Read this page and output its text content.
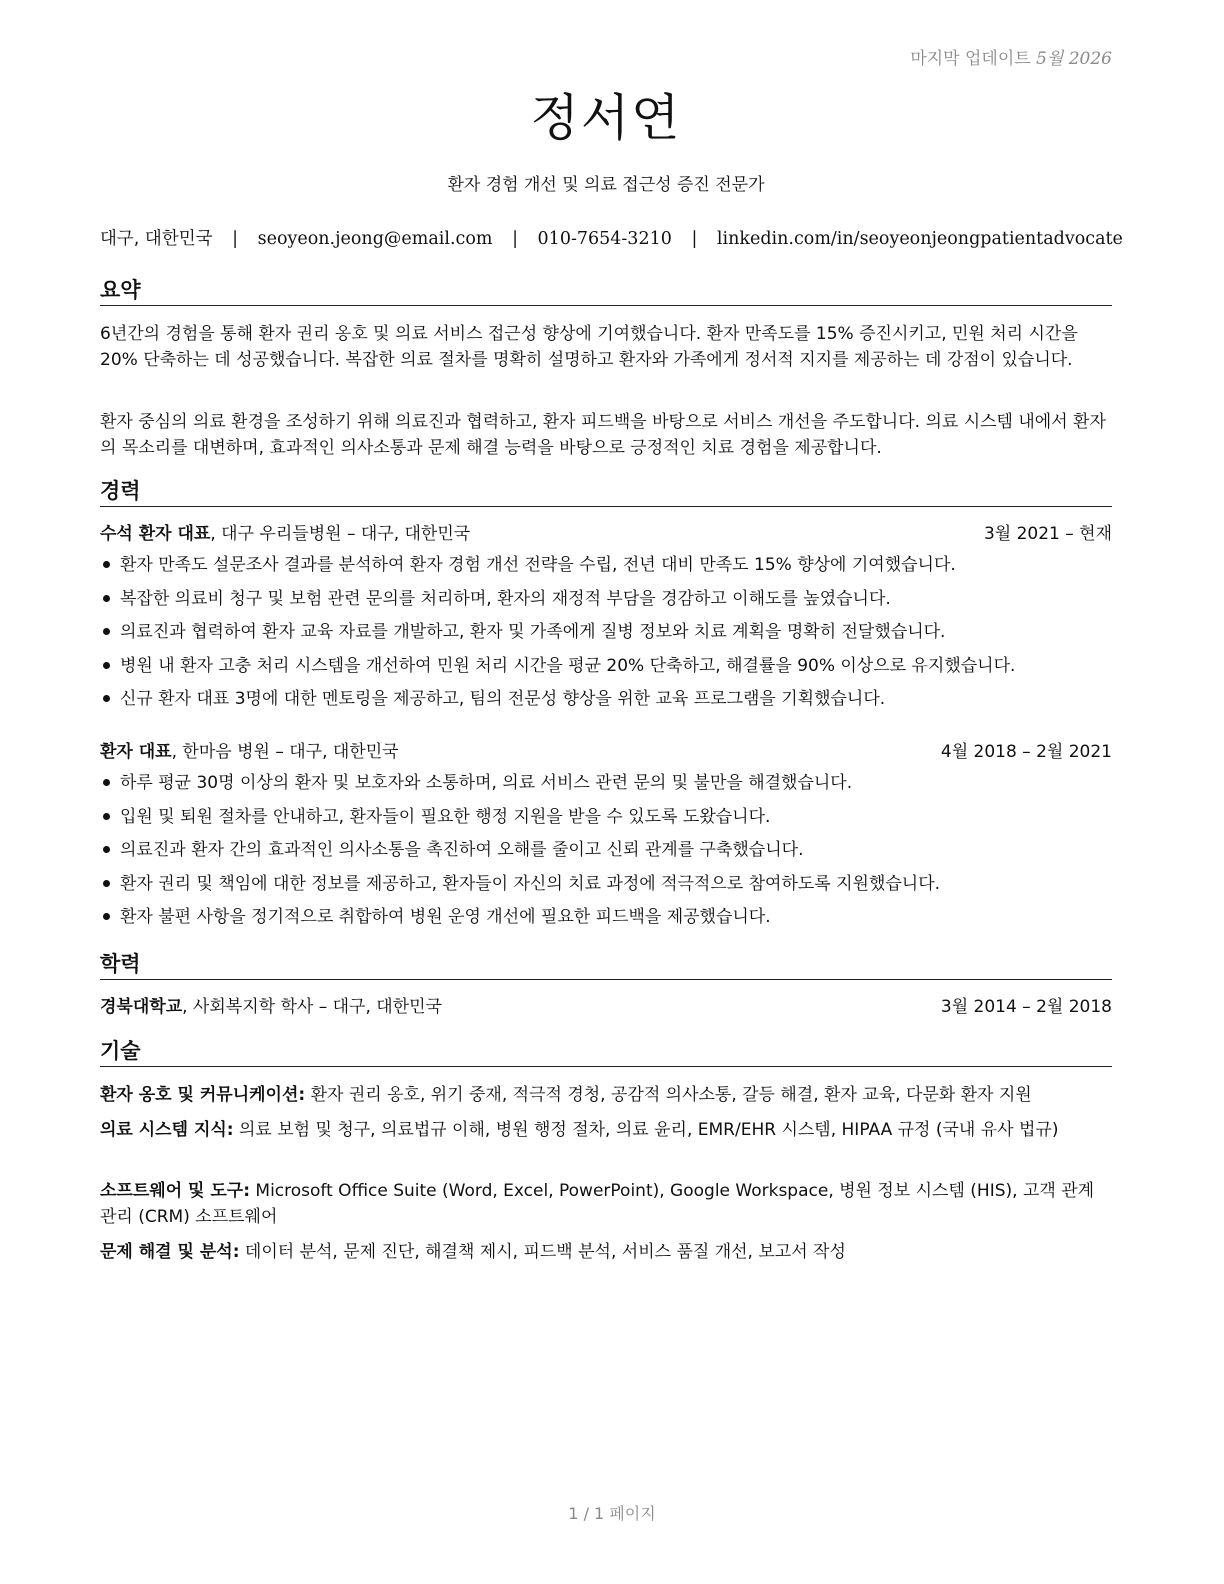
마지막 업데이트 5월 2026
정서연
환자 경험 개선 및 의료 접근성 증진 전문가
대구, 대한민국 | seoyeon.jeong@email.com | 010-7654-3210 | linkedin.com/in/seoyeonjeongpatientadvocate
요약
6년간의 경험을 통해 환자 권리 옹호 및 의료 서비스 접근성 향상에 기여했습니다. 환자 만족도를 15% 증진시키고, 민원 처리 시간을 20% 단축하는 데 성공했습니다. 복잡한 의료 절차를 명확히 설명하고 환자와 가족에게 정서적 지지를 제공하는 데 강점이 있습니다.
환자 중심의 의료 환경을 조성하기 위해 의료진과 협력하고, 환자 피드백을 바탕으로 서비스 개선을 주도합니다. 의료 시스템 내에서 환자의 목소리를 대변하며, 효과적인 의사소통과 문제 해결 능력을 바탕으로 긍정적인 치료 경험을 제공합니다.
경력
수석 환자 대표, 대구 우리들병원 – 대구, 대한민국	3월 2021 – 현재
환자 만족도 설문조사 결과를 분석하여 환자 경험 개선 전략을 수립, 전년 대비 만족도 15% 향상에 기여했습니다.
복잡한 의료비 청구 및 보험 관련 문의를 처리하며, 환자의 재정적 부담을 경감하고 이해도를 높였습니다.
의료진과 협력하여 환자 교육 자료를 개발하고, 환자 및 가족에게 질병 정보와 치료 계획을 명확히 전달했습니다.
병원 내 환자 고충 처리 시스템을 개선하여 민원 처리 시간을 평균 20% 단축하고, 해결률을 90% 이상으로 유지했습니다.
신규 환자 대표 3명에 대한 멘토링을 제공하고, 팀의 전문성 향상을 위한 교육 프로그램을 기획했습니다.
환자 대표, 한마음 병원 – 대구, 대한민국	4월 2018 – 2월 2021
하루 평균 30명 이상의 환자 및 보호자와 소통하며, 의료 서비스 관련 문의 및 불만을 해결했습니다.
입원 및 퇴원 절차를 안내하고, 환자들이 필요한 행정 지원을 받을 수 있도록 도왔습니다.
의료진과 환자 간의 효과적인 의사소통을 촉진하여 오해를 줄이고 신뢰 관계를 구축했습니다.
환자 권리 및 책임에 대한 정보를 제공하고, 환자들이 자신의 치료 과정에 적극적으로 참여하도록 지원했습니다.
환자 불편 사항을 정기적으로 취합하여 병원 운영 개선에 필요한 피드백을 제공했습니다.
학력
경북대학교, 사회복지학 학사 – 대구, 대한민국	3월 2014 – 2월 2018
기술
환자 옹호 및 커뮤니케이션: 환자 권리 옹호, 위기 중재, 적극적 경청, 공감적 의사소통, 갈등 해결, 환자 교육, 다문화 환자 지원
의료 시스템 지식: 의료 보험 및 청구, 의료법규 이해, 병원 행정 절차, 의료 윤리, EMR/EHR 시스템, HIPAA 규정 (국내 유사 법규)
소프트웨어 및 도구: Microsoft Office Suite (Word, Excel, PowerPoint), Google Workspace, 병원 정보 시스템 (HIS), 고객 관계 관리 (CRM) 소프트웨어
문제 해결 및 분석: 데이터 분석, 문제 진단, 해결책 제시, 피드백 분석, 서비스 품질 개선, 보고서 작성
1 / 1 페이지
